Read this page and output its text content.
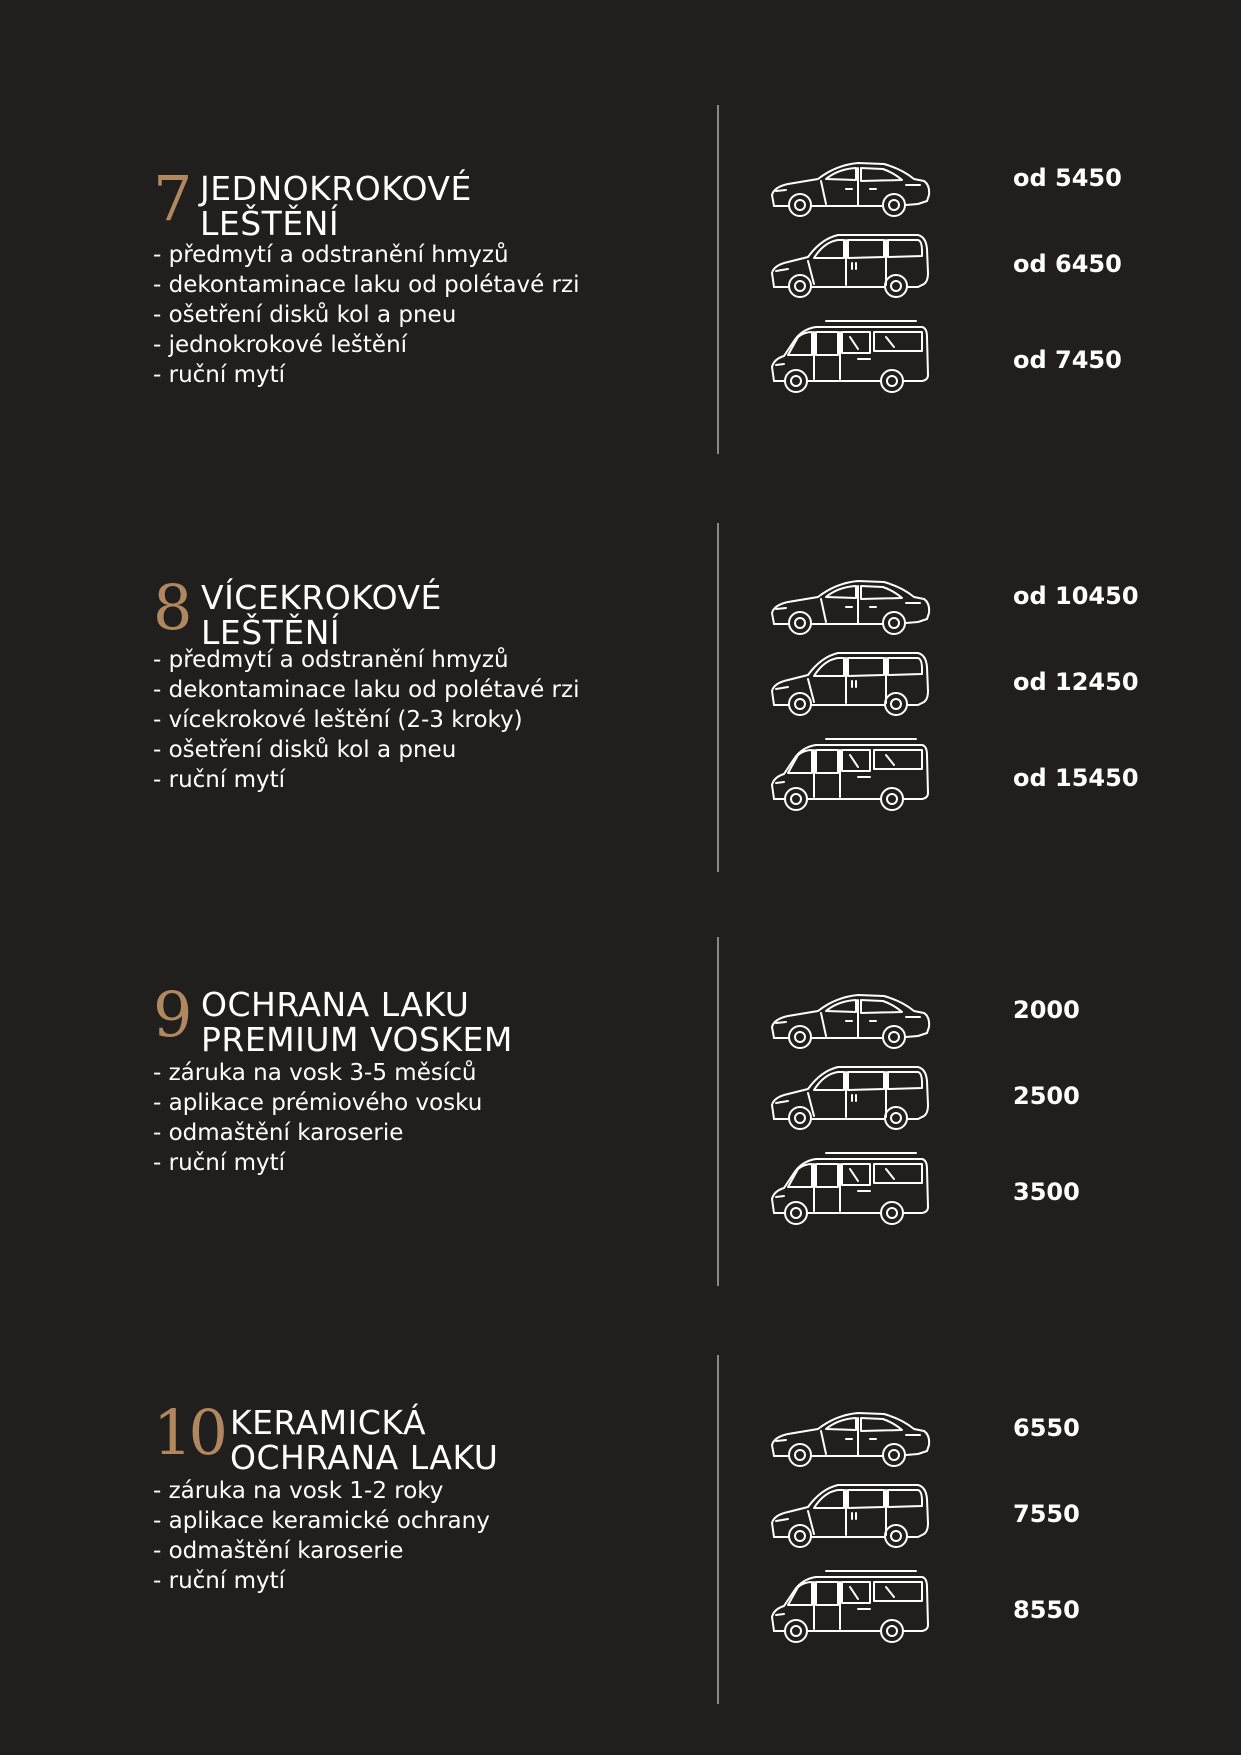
7 JEDNOKROKOVÉ
LEŠTĚNÍ
- předmytí a odstranění hmyzů
- dekontaminace laku od polétavé rzi
- ošetření disků kol a pneu
- jednokrokové leštění
- ruční mytí
od 5450
od 6450
od 7450
8 VÍCEKROKOVÉ
LEŠTĚNÍ
- předmytí a odstranění hmyzů
- dekontaminace laku od polétavé rzi
- vícekrokové leštění (2-3 kroky)
- ošetření disků kol a pneu
- ruční mytí
od 10450
od 12450
od 15450
9 OCHRANA LAKU
PREMIUM VOSKEM
- záruka na vosk 3-5 měsíců
- aplikace prémiového vosku
- odmaštění karoserie
- ruční mytí
2000
2500
3500
10 KERAMICKÁ
OCHRANA LAKU
- záruka na vosk 1-2 roky
- aplikace keramické ochrany
- odmaštění karoserie
- ruční mytí
6550
7550
8550
